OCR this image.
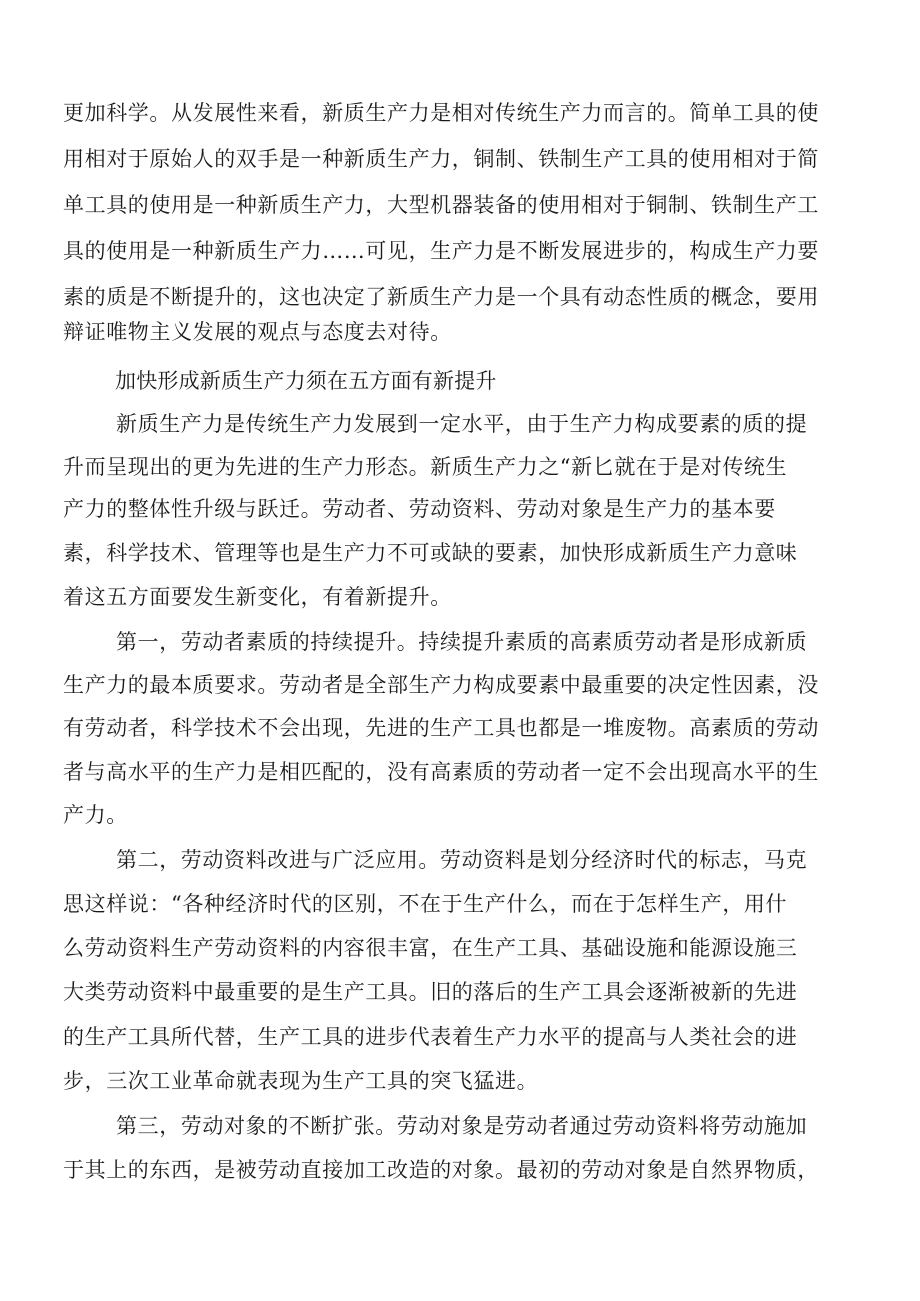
更加科学。从发展性来看，新质生产力是相对传统生产力而言的。简单工具的使
用相对于原始人的双手是一种新质生产力，铜制、铁制生产工具的使用相对于简
单工具的使用是一种新质生产力，大型机器装备的使用相对于铜制、铁制生产工
具的使用是一种新质生产力……可见，生产力是不断发展进步的，构成生产力要
素的质是不断提升的，这也决定了新质生产力是一个具有动态性质的概念，要用
辩证唯物主义发展的观点与态度去对待。
加快形成新质生产力须在五方面有新提升
新质生产力是传统生产力发展到一定水平，由于生产力构成要素的质的提
升而呈现出的更为先进的生产力形态。新质生产力之“新匕就在于是对传统生
产力的整体性升级与跃迁。劳动者、劳动资料、劳动对象是生产力的基本要
素，科学技术、管理等也是生产力不可或缺的要素，加快形成新质生产力意味
着这五方面要发生新变化，有着新提升。
第一，劳动者素质的持续提升。持续提升素质的高素质劳动者是形成新质
生产力的最本质要求。劳动者是全部生产力构成要素中最重要的决定性因素，没
有劳动者，科学技术不会出现，先进的生产工具也都是一堆废物。高素质的劳动
者与高水平的生产力是相匹配的，没有高素质的劳动者一定不会出现高水平的生
产力。
第二，劳动资料改进与广泛应用。劳动资料是划分经济时代的标志，马克
思这样说：“各种经济时代的区别，不在于生产什么，而在于怎样生产，用什
么劳动资料生产劳动资料的内容很丰富，在生产工具、基础设施和能源设施三
大类劳动资料中最重要的是生产工具。旧的落后的生产工具会逐渐被新的先进
的生产工具所代替，生产工具的进步代表着生产力水平的提高与人类社会的进
步，三次工业革命就表现为生产工具的突飞猛进。
第三，劳动对象的不断扩张。劳动对象是劳动者通过劳动资料将劳动施加
于其上的东西，是被劳动直接加工改造的对象。最初的劳动对象是自然界物质，
